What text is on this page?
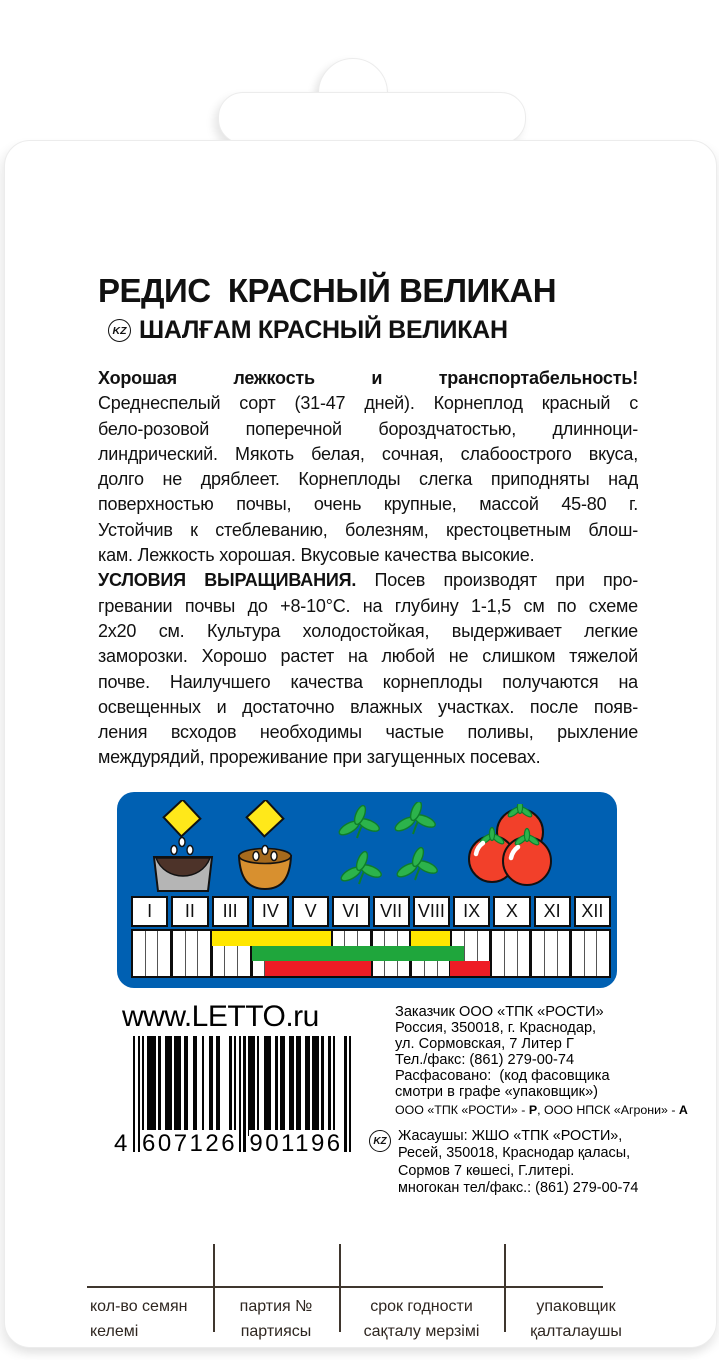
РЕДИС  КРАСНЫЙ ВЕЛИКАН
KZ ШАЛҒАМ КРАСНЫЙ ВЕЛИКАН
Хорошая лежкость и транспортабельность!
Среднеспелый сорт (31-47 дней). Корнеплод красный с
бело-розовой поперечной бороздчатостью, длинноци-
линдрический. Мякоть белая, сочная, слабоострого вкуса,
долго не дряблеет. Корнеплоды слегка приподняты над
поверхностью почвы, очень крупные, массой 45-80 г.
Устойчив к стеблеванию, болезням, крестоцветным блош-
кам. Лежкость хорошая. Вкусовые качества высокие.
УСЛОВИЯ ВЫРАЩИВАНИЯ. Посев производят при про-
гревании почвы до +8-10°С. на глубину 1-1,5 см по схеме
2х20 см. Культура холодостойкая, выдерживает легкие
заморозки. Хорошо растет на любой не слишком тяжелой
почве. Наилучшего качества корнеплоды получаются на
освещенных и достаточно влажных участках. после появ-
ления всходов необходимы частые поливы, рыхление
междурядий, прореживание при загущенных посевах.
I	II	III	IV	V	VI	VII VIII	IX	X	XI	XII
www.LETTO.ru
4 607126 901196
Заказчик ООО «ТПК «РОСТИ»
Россия, 350018, г. Краснодар,
ул. Сормовская, 7 Литер Г
Тел./факс: (861) 279-00-74
Расфасовано:  (код фасовщика
смотри в графе «упаковщик»)
ООО «ТПК «РОСТИ» - Р, ООО НПСК «Агрони» - А
KZ Жасаушы: ЖШО «ТПК «РОСТИ»,
Ресей, 350018, Краснодар қаласы,
Сормов 7 көшесі, Г.литері.
многокан тел/факс.: (861) 279-00-74
кол-во семян
келемі
партия №
партиясы
срок годности
сақталу мерзімі
упаковщик
қалталаушы
